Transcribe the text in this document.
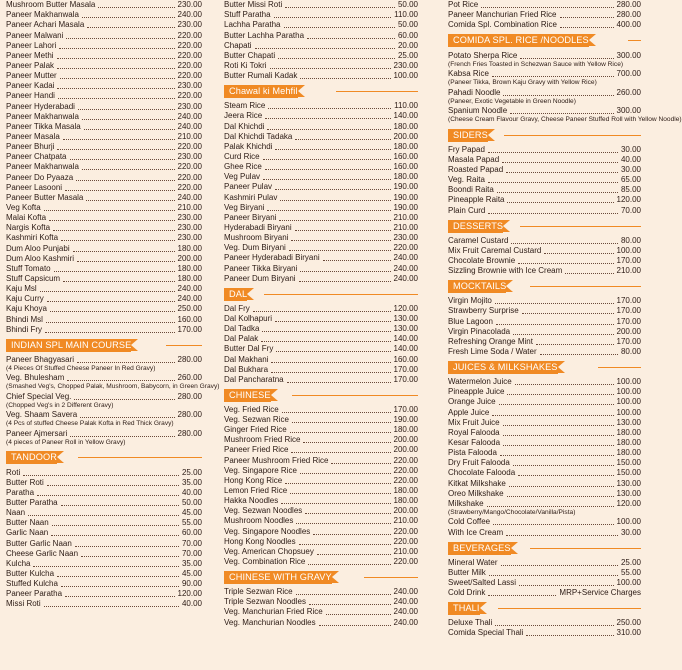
Mushroom Butter Masala	230.00
Paneer Makhanwala	240.00
Paneer Achari Masala	230.00
Paneer Malwani	220.00
Paneer Lahori	220.00
Paneer Methi	220.00
Paneer Palak	220.00
Paneer Mutter	220.00
Paneer Kadai	230.00
Paneer Handi	220.00
Paneer Hyderabadi	230.00
Paneer Makhanwala	240.00
Paneer Tikka Masala	240.00
Paneer Masala	210.00
Paneer Bhurji	220.00
Paneer Chatpata	230.00
Paneer Makhanwala	220.00
Paneer Do Pyaaza	220.00
Paneer Lasooni	220.00
Paneer Butter Masala	240.00
Veg Kofta	210.00
Malai Kofta	230.00
Nargis Kofta	230.00
Kashmiri Kofta	230.00
Dum Aloo Punjabi	180.00
Dum Aloo Kashmiri	200.00
Stuff Tomato	180.00
Stuff Capsicum	180.00
Kaju Msl	240.00
Kaju Curry	240.00
Kaju Khoya	250.00
Bhindi Msl	160.00
Bhindi Fry	170.00
INDIAN SPL MAIN COURSE
Paneer Bhagyasari	280.00
(4 Pieces Of Stuffed Cheese Paneer In Red Gravy)
Veg. Bhulesham	260.00
(Smashed Veg's, Chopped Palak, Mushroom, Babycorn, in Green Gravy)
Chief Special Veg.	280.00
(Chopped Veg's in 2 Different Gravy)
Veg. Shaam Savera	280.00
(4 Pcs of stuffed Cheese Palak Kofta in Red Thick Gravy)
Paneer Ajmersari	280.00
(4 pieces of Paneer Roll in Yellow Gravy)
TANDOOR
Roti	25.00
Butter Roti	35.00
Paratha	40.00
Butter Paratha	50.00
Naan	45.00
Butter Naan	55.00
Garlic Naan	60.00
Butter Garlic Naan	70.00
Cheese Garlic Naan	70.00
Kulcha	35.00
Butter Kulcha	45.00
Stuffed Kulcha	90.00
Paneer Paratha	120.00
Missi Roti	40.00
Butter Missi Roti	50.00
Stuff Paratha	110.00
Lachha Paratha	50.00
Butter Lachha Paratha	60.00
Chapati	20.00
Butter Chapati	25.00
Roti Ki Tokri	230.00
Butter Rumali Kadak	100.00
Chawal ki Mehfil
Steam Rice	110.00
Jeera Rice	140.00
Dal Khichdi	180.00
Dal Khichdi Tadaka	200.00
Palak Khichdi	180.00
Curd Rice	160.00
Ghee Rice	160.00
Veg Pulav	180.00
Paneer Pulav	190.00
Kashmiri Pulav	190.00
Veg Biryani	190.00
Paneer Biryani	210.00
Hyderabadi Biryani	210.00
Mushroom Biryani	230.00
Veg. Dum Biryani	220.00
Paneer Hyderabadi Biryani	240.00
Paneer Tikka Biryani	240.00
Paneer Dum Biryani	240.00
DAL
Dal Fry	120.00
Dal Kolhapuri	130.00
Dal Tadka	130.00
Dal Palak	140.00
Butter Dal Fry	140.00
Dal Makhani	160.00
Dal Bukhara	170.00
Dal Pancharatna	170.00
CHINESE
Veg. Fried Rice	170.00
Veg. Sezwan Rice	190.00
Ginger Fried Rice	180.00
Mushroom Fried Rice	200.00
Paneer Fried Rice	200.00
Paneer Mushroom Fried Rice	220.00
Veg. Singapore Rice	220.00
Hong Kong Rice	220.00
Lemon Fried Rice	180.00
Hakka Noodles	180.00
Veg. Sezwan Noodles	200.00
Mushroom Noodles	210.00
Veg. Singapore Noodles	220.00
Hong Kong Noodles	220.00
Veg. American Chopsuey	210.00
Veg. Combination Rice	220.00
CHINESE WITH GRAVY
Triple Sezwan Rice	240.00
Triple Sezwan Noodles	240.00
Veg. Manchurian Fried Rice	240.00
Veg. Manchurian Noodles	240.00
Pot Rice	280.00
Paneer Manchurian Fried Rice	280.00
Comida Spl. Combination Rice	400.00
COMIDA SPL. RICE /NOODLES
Potato Sherpa Rice	300.00
(French Fries Toasted in Schezwan Sauce with Yellow Rice)
Kabsa Rice	700.00
(Paneer Tikka, Brown Kaju Gravy with Yellow Rice)
Pahadi Noodle	260.00
(Paneer, Exotic Vegetable in Green Noodle)
Spanium Noodle	300.00
(Cheese Cream Flavour Gravy, Cheese Paneer Stuffed Roll with Yellow Noodle)
SIDERS
Fry Papad	30.00
Masala Papad	40.00
Roasted Papad	30.00
Veg. Raita	65.00
Boondi Raita	85.00
Pineapple Raita	120.00
Plain Curd	70.00
DESSERTS
Caramel Custard	80.00
Mix Fruit Caremal Custard	100.00
Chocolate Brownie	170.00
Sizzling Brownie with Ice Cream	210.00
MOCKTAILS
Virgin Mojito	170.00
Strawberry Surprise	170.00
Blue Lagoon	170.00
Virgin Pinacolada	200.00
Refreshing Orange Mint	170.00
Fresh Lime Soda / Water	80.00
JUICES & MILKSHAKES
Watermelon Juice	100.00
Pineapple Juice	100.00
Orange Juice	100.00
Apple Juice	100.00
Mix Fruit Juice	130.00
Royal Falooda	180.00
Kesar Falooda	180.00
Pista Falooda	180.00
Dry Fruit Falooda	150.00
Chocolate Falooda	150.00
Kitkat Milkshake	130.00
Oreo Milkshake	130.00
Milkshake	120.00
(Strawberry/Mango/Chocolate/Vanilla/Pista)
Cold Coffee	100.00
With Ice Cream	30.00
BEVERAGES
Mineral Water	25.00
Butter Milk	55.00
Sweet/Salted Lassi	100.00
Cold Drink	MRP+Service Charges
THALI
Deluxe Thali	250.00
Comida Special Thali	310.00
